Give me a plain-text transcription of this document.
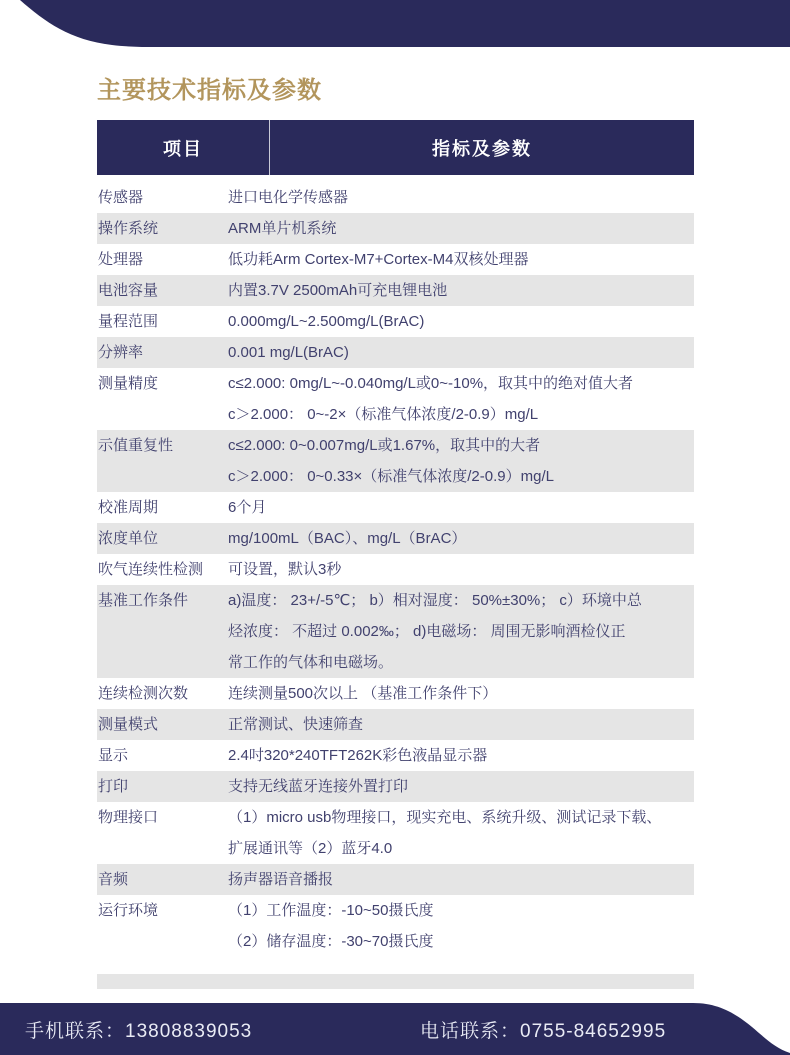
主要技术指标及参数
项目	指标及参数
传感器	进口电化学传感器
操作系统	ARM单片机系统
处理器	低功耗Arm Cortex-M7+Cortex-M4双核处理器
电池容量	内置3.7V 2500mAh可充电锂电池
量程范围	0.000mg/L~2.500mg/L(BrAC)
分辨率	0.001 mg/L(BrAC)
测量精度	c≤2.000: 0mg/L~-0.040mg/L或0~-10%，取其中的绝对值大者
c＞2.000： 0~-2×（标准气体浓度/2-0.9）mg/L
示值重复性	c≤2.000: 0~0.007mg/L或1.67%，取其中的大者
c＞2.000： 0~0.33×（标准气体浓度/2-0.9）mg/L
校准周期	6个月
浓度单位	mg/100mL（BAC）、mg/L（BrAC）
吹气连续性检测	可设置，默认3秒
基准工作条件	a)温度： 23+/-5℃； b）相对湿度： 50%±30%； c）环境中总
烃浓度： 不超过 0.002‰； d)电磁场： 周围无影响酒检仪正
常工作的气体和电磁场。
连续检测次数	连续测量500次以上 （基准工作条件下）
测量模式	正常测试、快速筛查
显示	2.4吋320*240TFT262K彩色液晶显示器
打印	支持无线蓝牙连接外置打印
物理接口	（1）micro usb物理接口，现实充电、系统升级、测试记录下载、
扩展通讯等（2）蓝牙4.0
音频	扬声器语音播报
运行环境	（1）工作温度：-10~50摄氏度
（2）储存温度：-30~70摄氏度
手机联系：13808839053	电话联系：0755-84652995
